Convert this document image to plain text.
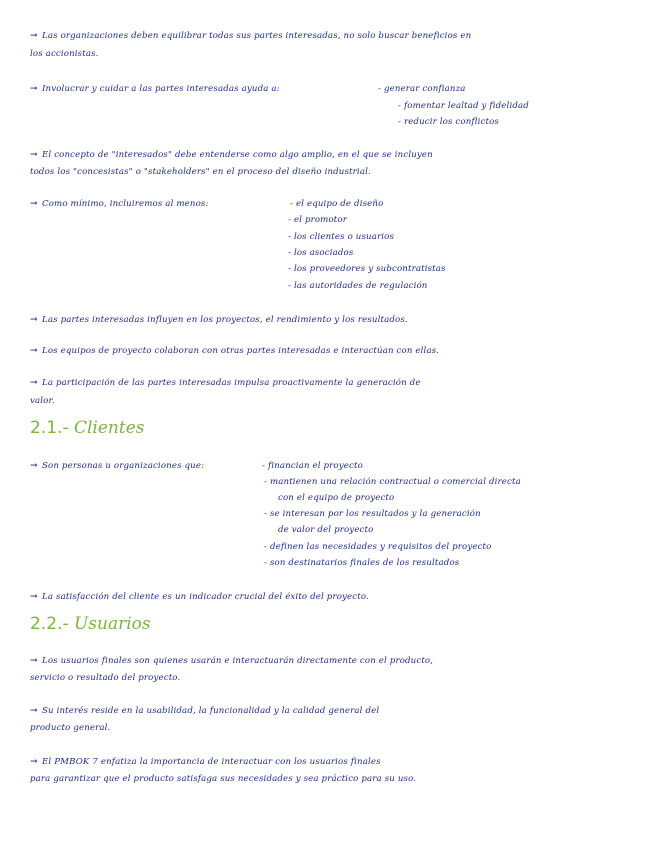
→ Las organizaciones deben equilibrar todas sus partes interesadas, no solo buscar beneficios en
los accionistas.
→ Involucrar y cuidar a las partes interesadas ayuda a:	- generar confianza
- fomentar lealtad y fidelidad
- reducir los conflictos
→ El concepto de "interesados" debe entenderse como algo amplio, en el que se incluyen
todos los "concesistas" o "stakeholders" en el proceso del diseño industrial.
→ Como mínimo, incluiremos al menos:	- el equipo de diseño
- el promotor
- los clientes o usuarios
- los asociados
- los proveedores y subcontratistas
- las autoridades de regulación
→ Las partes interesadas influyen en los proyectos, el rendimiento y los resultados.
→ Los equipos de proyecto colaboran con otras partes interesadas e interactúan con ellas.
→ La participación de las partes interesadas impulsa proactivamente la generación de
valor.
2.1.- Clientes
→ Son personas u organizaciones que:	- financian el proyecto
- mantienen una relación contractual o comercial directa
con el equipo de proyecto
- se interesan por los resultados y la generación
de valor del proyecto
- definen las necesidades y requisitos del proyecto
- son destinatarios finales de los resultados
→ La satisfacción del cliente es un indicador crucial del éxito del proyecto.
2.2.- Usuarios
→ Los usuarios finales son quienes usarán e interactuarán directamente con el producto,
servicio o resultado del proyecto.
→ Su interés reside en la usabilidad, la funcionalidad y la calidad general del
producto general.
→ El PMBOK 7 enfatiza la importancia de interactuar con los usuarios finales
para garantizar que el producto satisfaga sus necesidades y sea práctico para su uso.
